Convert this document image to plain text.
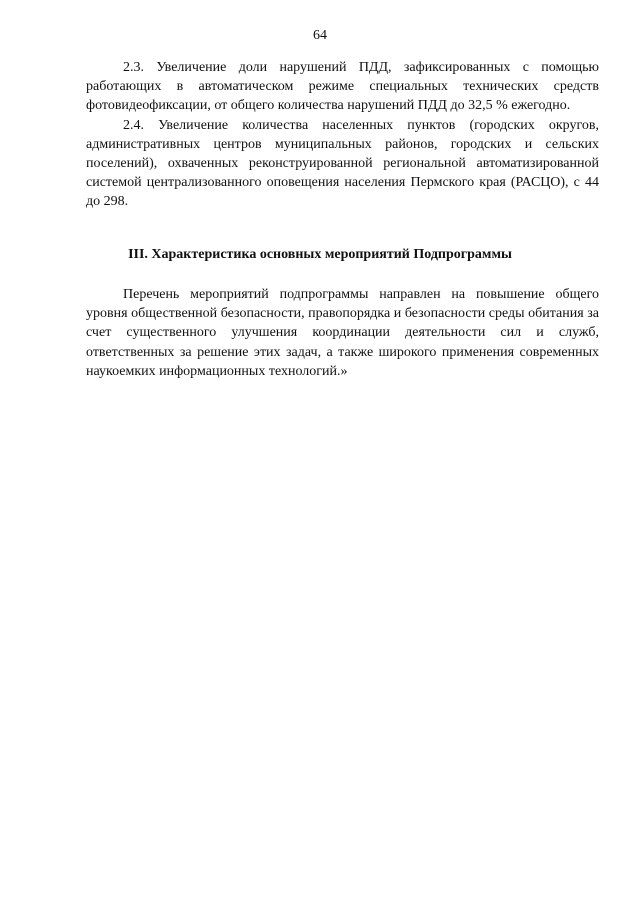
64

2.3. Увеличение доли нарушений ПДД, зафиксированных с помощью работающих в автоматическом режиме специальных технических средств фотовидеофиксации, от общего количества нарушений ПДД до 32,5 % ежегодно.

2.4. Увеличение количества населенных пунктов (городских округов, административных центров муниципальных районов, городских и сельских поселений), охваченных реконструированной региональной автоматизированной системой централизованного оповещения населения Пермского края (РАСЦО), с 44 до 298.

III. Характеристика основных мероприятий Подпрограммы

Перечень мероприятий подпрограммы направлен на повышение общего уровня общественной безопасности, правопорядка и безопасности среды обитания за счет существенного улучшения координации деятельности сил и служб, ответственных за решение этих задач, а также широкого применения современных наукоемких информационных технологий.»
